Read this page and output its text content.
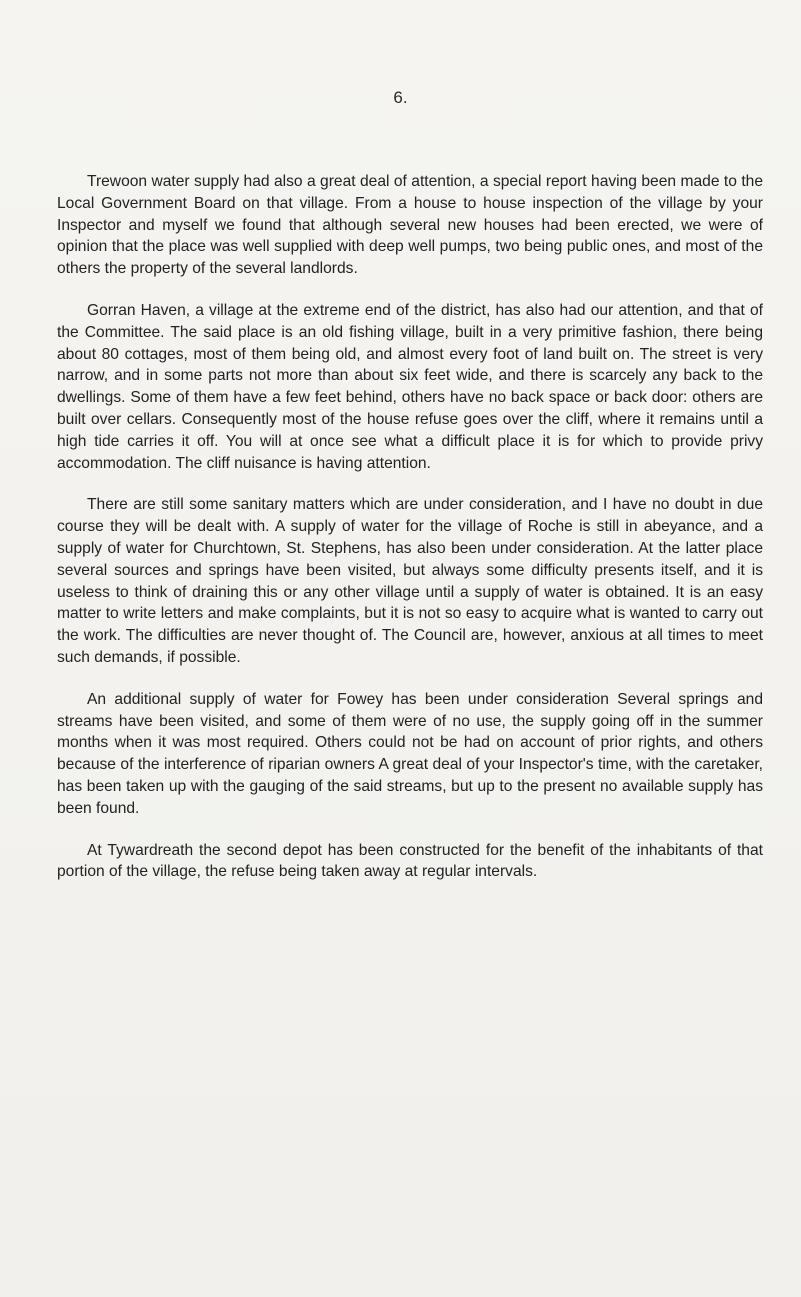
6.

Trewoon water supply had also a great deal of attention, a special report having been made to the Local Government Board on that village. From a house to house inspection of the village by your Inspector and myself we found that although several new houses had been erected, we were of opinion that the place was well supplied with deep well pumps, two being public ones, and most of the others the property of the several landlords.

Gorran Haven, a village at the extreme end of the district, has also had our attention, and that of the Committee. The said place is an old fishing village, built in a very primitive fashion, there being about 80 cottages, most of them being old, and almost every foot of land built on. The street is very narrow, and in some parts not more than about six feet wide, and there is scarcely any back to the dwellings. Some of them have a few feet behind, others have no back space or back door: others are built over cellars. Consequently most of the house refuse goes over the cliff, where it remains until a high tide carries it off. You will at once see what a difficult place it is for which to provide privy accommodation. The cliff nuisance is having attention.

There are still some sanitary matters which are under consideration, and I have no doubt in due course they will be dealt with. A supply of water for the village of Roche is still in abeyance, and a supply of water for Churchtown, St. Stephens, has also been under consideration. At the latter place several sources and springs have been visited, but always some difficulty presents itself, and it is useless to think of draining this or any other village until a supply of water is obtained. It is an easy matter to write letters and make complaints, but it is not so easy to acquire what is wanted to carry out the work. The difficulties are never thought of. The Council are, however, anxious at all times to meet such demands, if possible.

An additional supply of water for Fowey has been under consideration Several springs and streams have been visited, and some of them were of no use, the supply going off in the summer months when it was most required. Others could not be had on account of prior rights, and others because of the interference of riparian owners A great deal of your Inspector's time, with the caretaker, has been taken up with the gauging of the said streams, but up to the present no available supply has been found.

At Tywardreath the second depot has been constructed for the benefit of the inhabitants of that portion of the village, the refuse being taken away at regular intervals.
